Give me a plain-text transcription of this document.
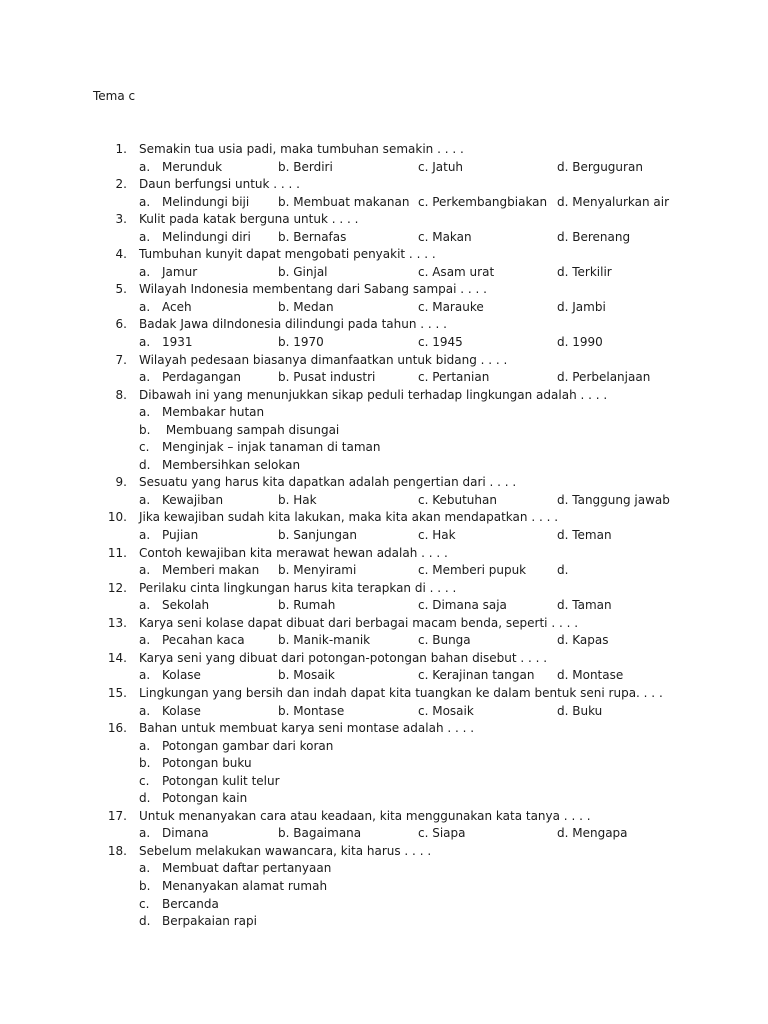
Tema c
1. Semakin tua usia padi, maka tumbuhan semakin . . . .
a. Merunduk	b. Berdiri	c. Jatuh	d. Berguguran
2. Daun berfungsi untuk . . . .
a. Melindungi biji b. Membuat makanan c. Perkembangbiakan d. Menyalurkan air
3. Kulit pada katak berguna untuk . . . .
a. Melindungi diri b. Bernafas	c. Makan	d. Berenang
4. Tumbuhan kunyit dapat mengobati penyakit . . . .
a. Jamur	b. Ginjal	c. Asam urat	d. Terkilir
5. Wilayah Indonesia membentang dari Sabang sampai . . . .
a. Aceh	b. Medan	c. Marauke	d. Jambi
6. Badak Jawa diIndonesia dilindungi pada tahun . . . .
a. 1931	b. 1970	c. 1945	d. 1990
7. Wilayah pedesaan biasanya dimanfaatkan untuk bidang . . . .
a. Perdagangan	b. Pusat industri	c. Pertanian	d. Perbelanjaan
8. Dibawah ini yang menunjukkan sikap peduli terhadap lingkungan adalah . . . .
a. Membakar hutan
b. Membuang sampah disungai
c. Menginjak – injak tanaman di taman
d. Membersihkan selokan
9. Sesuatu yang harus kita dapatkan adalah pengertian dari . . . .
a. Kewajiban	b. Hak	c. Kebutuhan	d. Tanggung jawab
10. Jika kewajiban sudah kita lakukan, maka kita akan mendapatkan . . . .
a. Pujian	b. Sanjungan	c. Hak	d. Teman
11. Contoh kewajiban kita merawat hewan adalah . . . .
a. Memberi makan b. Menyirami	c. Memberi pupuk	d.
12. Perilaku cinta lingkungan harus kita terapkan di . . . .
a. Sekolah	b. Rumah	c. Dimana saja	d. Taman
13. Karya seni kolase dapat dibuat dari berbagai macam benda, seperti . . . .
a. Pecahan kaca	b. Manik-manik	c. Bunga	d. Kapas
14. Karya seni yang dibuat dari potongan-potongan bahan disebut . . . .
a. Kolase	b. Mosaik	c. Kerajinan tangan d. Montase
15. Lingkungan yang bersih dan indah dapat kita tuangkan ke dalam bentuk seni rupa. . . .
a. Kolase	b. Montase	c. Mosaik	d. Buku
16. Bahan untuk membuat karya seni montase adalah . . . .
a. Potongan gambar dari koran
b. Potongan buku
c. Potongan kulit telur
d. Potongan kain
17. Untuk menanyakan cara atau keadaan, kita menggunakan kata tanya . . . .
a. Dimana	b. Bagaimana	c. Siapa	d. Mengapa
18. Sebelum melakukan wawancara, kita harus . . . .
a. Membuat daftar pertanyaan
b. Menanyakan alamat rumah
c. Bercanda
d. Berpakaian rapi
